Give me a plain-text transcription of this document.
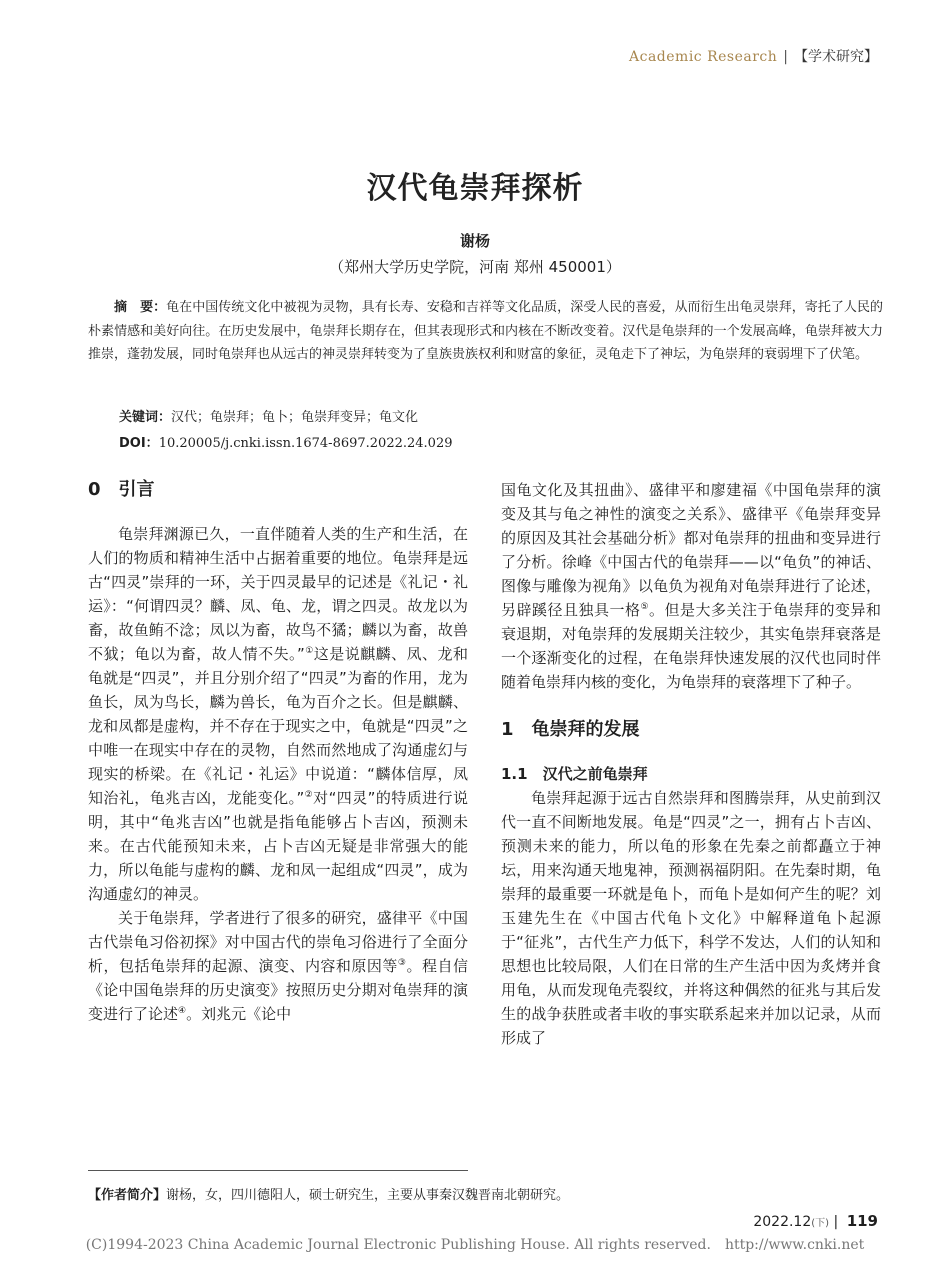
Academic Research | 【学术研究】
汉代龟崇拜探析
谢杨
（郑州大学历史学院，河南 郑州 450001）
摘　要：龟在中国传统文化中被视为灵物，具有长寿、安稳和吉祥等文化品质，深受人民的喜爱，从而衍生出龟灵崇拜，寄托了人民的朴素情感和美好向往。在历史发展中，龟崇拜长期存在，但其表现形式和内核在不断改变着。汉代是龟崇拜的一个发展高峰，龟崇拜被大力推崇，蓬勃发展，同时龟崇拜也从远古的神灵崇拜转变为了皇族贵族权利和财富的象征，灵龟走下了神坛，为龟崇拜的衰弱埋下了伏笔。
关键词：汉代；龟崇拜；龟卜；龟崇拜变异；龟文化
DOI：10.20005/j.cnki.issn.1674-8697.2022.24.029
0　引言

龟崇拜渊源已久，一直伴随着人类的生产和生活，在人们的物质和精神生活中占据着重要的地位。龟崇拜是远古“四灵”崇拜的一环，关于四灵最早的记述是《礼记・礼运》：“何谓四灵？麟、凤、龟、龙，谓之四灵。故龙以为畜，故鱼鲔不淰；凤以为畜，故鸟不獝；麟以为畜，故兽不狘；龟以为畜，故人情不失。”①这是说麒麟、凤、龙和龟就是“四灵”，并且分别介绍了“四灵”为畜的作用，龙为鱼长，凤为鸟长，麟为兽长，龟为百介之长。但是麒麟、龙和凤都是虚构，并不存在于现实之中，龟就是“四灵”之中唯一在现实中存在的灵物，自然而然地成了沟通虚幻与现实的桥梁。在《礼记・礼运》中说道：“麟体信厚，凤知治礼，龟兆吉凶，龙能变化。”②对“四灵”的特质进行说明，其中“龟兆吉凶”也就是指龟能够占卜吉凶，预测未来。在古代能预知未来，占卜吉凶无疑是非常强大的能力，所以龟能与虚构的麟、龙和凤一起组成“四灵”，成为沟通虚幻的神灵。

关于龟崇拜，学者进行了很多的研究，盛律平《中国古代崇龟习俗初探》对中国古代的崇龟习俗进行了全面分析，包括龟崇拜的起源、演变、内容和原因等③。程自信《论中国龟崇拜的历史演变》按照历史分期对龟崇拜的演变进行了论述④。刘兆元《论中

国龟文化及其扭曲》、盛律平和廖建福《中国龟崇拜的演变及其与龟之神性的演变之关系》、盛律平《龟崇拜变异的原因及其社会基础分析》都对龟崇拜的扭曲和变异进行了分析。徐峰《中国古代的龟崇拜——以“龟负”的神话、图像与雕像为视角》以龟负为视角对龟崇拜进行了论述，另辟蹊径且独具一格⑤。但是大多关注于龟崇拜的变异和衰退期，对龟崇拜的发展期关注较少，其实龟崇拜衰落是一个逐渐变化的过程，在龟崇拜快速发展的汉代也同时伴随着龟崇拜内核的变化，为龟崇拜的衰落埋下了种子。

1　龟崇拜的发展
1.1　汉代之前龟崇拜

龟崇拜起源于远古自然崇拜和图腾崇拜，从史前到汉代一直不间断地发展。龟是“四灵”之一，拥有占卜吉凶、预测未来的能力，所以龟的形象在先秦之前都矗立于神坛，用来沟通天地鬼神，预测祸福阴阳。在先秦时期，龟崇拜的最重要一环就是龟卜，而龟卜是如何产生的呢？刘玉建先生在《中国古代龟卜文化》中解释道龟卜起源于“征兆”，古代生产力低下，科学不发达，人们的认知和思想也比较局限，人们在日常的生产生活中因为炙烤并食用龟，从而发现龟壳裂纹，并将这种偶然的征兆与其后发生的战争获胜或者丰收的事实联系起来并加以记录，从而形成了

【作者简介】谢杨，女，四川德阳人，硕士研究生，主要从事秦汉魏晋南北朝研究。
2022.12(下) | 119
(C)1994-2023 China Academic Journal Electronic Publishing House. All rights reserved.　http://www.cnki.net
